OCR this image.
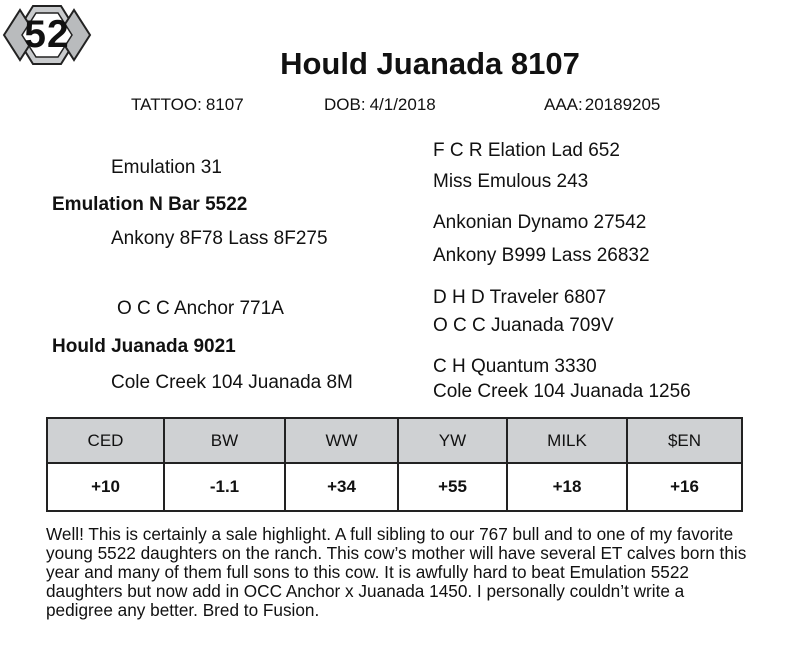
52
Hould Juanada 8107
TATTOO: 8107	DOB: 4/1/2018	AAA: 20189205
Emulation 31
Emulation N Bar 5522
Ankony 8F78 Lass 8F275
F C R Elation Lad 652
Miss Emulous 243
Ankonian Dynamo 27542
Ankony B999 Lass 26832
O C C Anchor 771A
Hould Juanada 9021
Cole Creek 104 Juanada 8M
D H D Traveler 6807
O C C Juanada 709V
C H Quantum 3330
Cole Creek 104 Juanada 1256
CED	BW	WW	YW	MILK	$EN
+10	-1.1	+34	+55	+18	+16
Well! This is certainly a sale highlight. A full sibling to our 767 bull and to one of my favorite young 5522 daughters on the ranch. This cow’s mother will have several ET calves born this year and many of them full sons to this cow. It is awfully hard to beat Emulation 5522 daughters but now add in OCC Anchor x Juanada 1450. I personally couldn’t write a pedigree any better. Bred to Fusion.
